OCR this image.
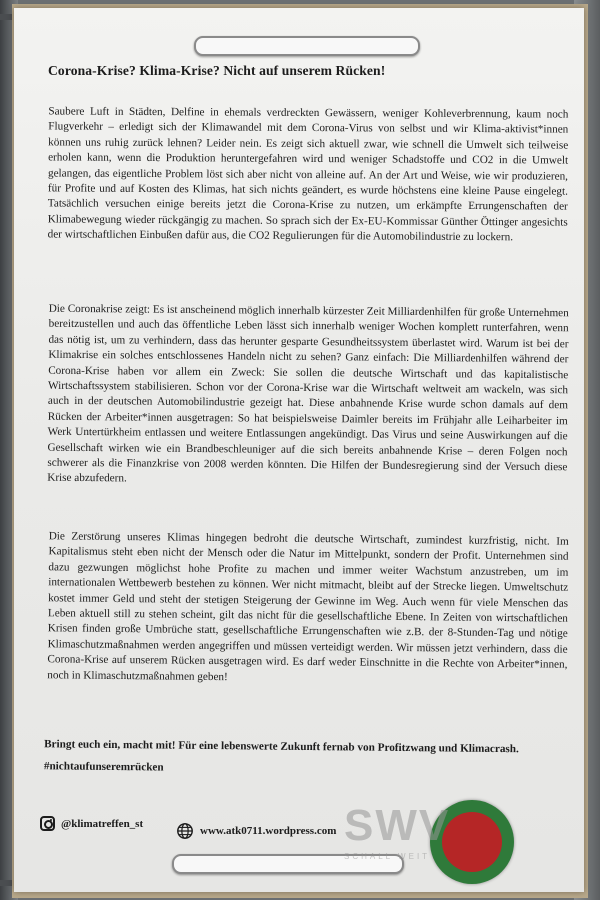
Corona-Krise? Klima-Krise? Nicht auf unserem Rücken!

Saubere Luft in Städten, Delfine in ehemals verdreckten Gewässern, weniger Kohleverbrennung, kaum noch Flugverkehr – erledigt sich der Klimawandel mit dem Corona-Virus von selbst und wir Klima-aktivist*innen können uns ruhig zurück lehnen? Leider nein. Es zeigt sich aktuell zwar, wie schnell die Umwelt sich teilweise erholen kann, wenn die Produktion heruntergefahren wird und weniger Schadstoffe und CO2 in die Umwelt gelangen, das eigentliche Problem löst sich aber nicht von alleine auf. An der Art und Weise, wie wir produzieren, für Profite und auf Kosten des Klimas, hat sich nichts geändert, es wurde höchstens eine kleine Pause eingelegt. Tatsächlich versuchen einige bereits jetzt die Corona-Krise zu nutzen, um erkämpfte Errungenschaften der Klimabewegung wieder rückgängig zu machen. So sprach sich der Ex-EU-Kommissar Günther Öttinger angesichts der wirtschaftlichen Einbußen dafür aus, die CO2 Regulierungen für die Automobilindustrie zu lockern.

Die Coronakrise zeigt: Es ist anscheinend möglich innerhalb kürzester Zeit Milliardenhilfen für große Unternehmen bereitzustellen und auch das öffentliche Leben lässt sich innerhalb weniger Wochen komplett runterfahren, wenn das nötig ist, um zu verhindern, dass das herunter gesparte Gesundheitssystem überlastet wird. Warum ist bei der Klimakrise ein solches entschlossenes Handeln nicht zu sehen? Ganz einfach: Die Milliardenhilfen während der Corona-Krise haben vor allem ein Zweck: Sie sollen die deutsche Wirtschaft und das kapitalistische Wirtschaftssystem stabilisieren. Schon vor der Corona-Krise war die Wirtschaft weltweit am wackeln, was sich auch in der deutschen Automobilindustrie gezeigt hat. Diese anbahnende Krise wurde schon damals auf dem Rücken der Arbeiter*innen ausgetragen: So hat beispielsweise Daimler bereits im Frühjahr alle Leiharbeiter im Werk Untertürkheim entlassen und weitere Entlassungen angekündigt. Das Virus und seine Auswirkungen auf die Gesellschaft wirken wie ein Brandbeschleuniger auf die sich bereits anbahnende Krise – deren Folgen noch schwerer als die Finanzkrise von 2008 werden könnten. Die Hilfen der Bundesregierung sind der Versuch diese Krise abzufedern.

Die Zerstörung unseres Klimas hingegen bedroht die deutsche Wirtschaft, zumindest kurzfristig, nicht. Im Kapitalismus steht eben nicht der Mensch oder die Natur im Mittelpunkt, sondern der Profit. Unternehmen sind dazu gezwungen möglichst hohe Profite zu machen und immer weiter Wachstum anzustreben, um im internationalen Wettbewerb bestehen zu können. Wer nicht mitmacht, bleibt auf der Strecke liegen. Umweltschutz kostet immer Geld und steht der stetigen Steigerung der Gewinne im Weg. Auch wenn für viele Menschen das Leben aktuell still zu stehen scheint, gilt das nicht für die gesellschaftliche Ebene. In Zeiten von wirtschaftlichen Krisen finden große Umbrüche statt, gesellschaftliche Errungenschaften wie z.B. der 8-Stunden-Tag und nötige Klimaschutzmaßnahmen werden angegriffen und müssen verteidigt werden. Wir müssen jetzt verhindern, dass die Corona-Krise auf unserem Rücken ausgetragen wird. Es darf weder Einschnitte in die Rechte von Arbeiter*innen, noch in Klimaschutzmaßnahmen geben!

Bringt euch ein, macht mit! Für eine lebenswerte Zukunft fernab von Profitzwang und Klimacrash.
#nichtaufunseremrücken
@klimatreffen_st
www.atk0711.wordpress.com SWV
SCHALL WEIT
